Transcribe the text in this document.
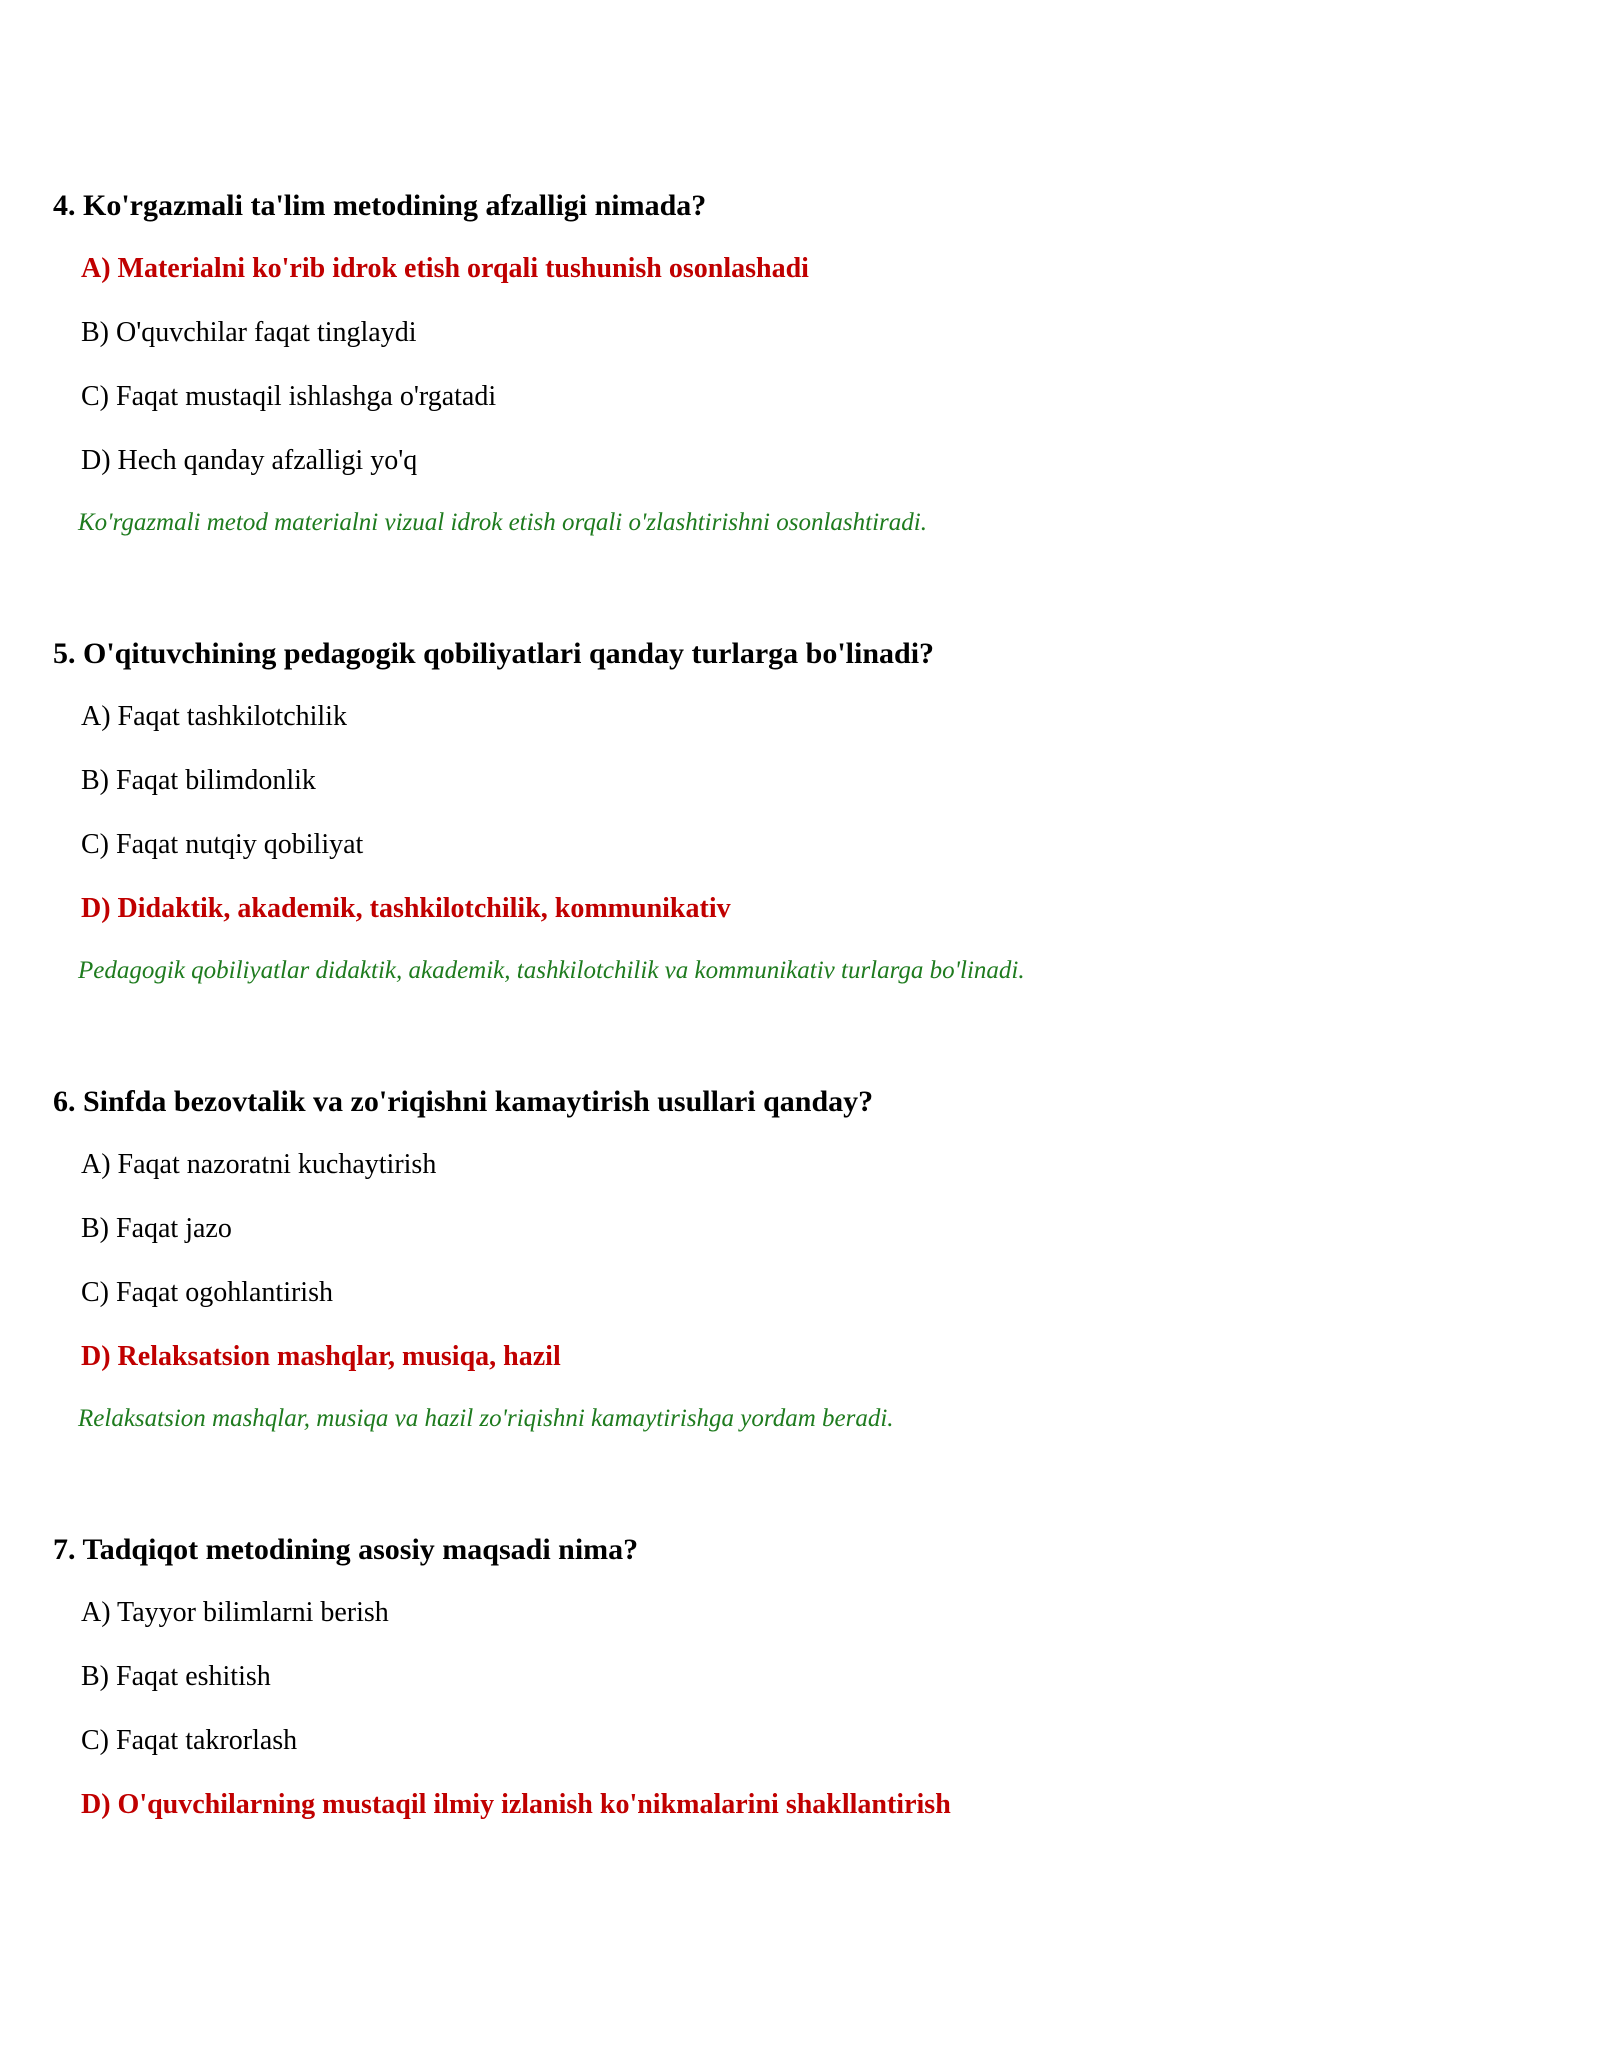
4. Ko'rgazmali ta'lim metodining afzalligi nimada?

A) Materialni ko'rib idrok etish orqali tushunish osonlashadi

B) O'quvchilar faqat tinglaydi

C) Faqat mustaqil ishlashga o'rgatadi

D) Hech qanday afzalligi yo'q

Ko'rgazmali metod materialni vizual idrok etish orqali o'zlashtirishni osonlashtiradi.

5. O'qituvchining pedagogik qobiliyatlari qanday turlarga bo'linadi?

A) Faqat tashkilotchilik

B) Faqat bilimdonlik

C) Faqat nutqiy qobiliyat

D) Didaktik, akademik, tashkilotchilik, kommunikativ

Pedagogik qobiliyatlar didaktik, akademik, tashkilotchilik va kommunikativ turlarga bo'linadi.

6. Sinfda bezovtalik va zo'riqishni kamaytirish usullari qanday?

A) Faqat nazoratni kuchaytirish

B) Faqat jazo

C) Faqat ogohlantirish

D) Relaksatsion mashqlar, musiqa, hazil

Relaksatsion mashqlar, musiqa va hazil zo'riqishni kamaytirishga yordam beradi.

7. Tadqiqot metodining asosiy maqsadi nima?

A) Tayyor bilimlarni berish

B) Faqat eshitish

C) Faqat takrorlash

D) O'quvchilarning mustaqil ilmiy izlanish ko'nikmalarini shakllantirish
